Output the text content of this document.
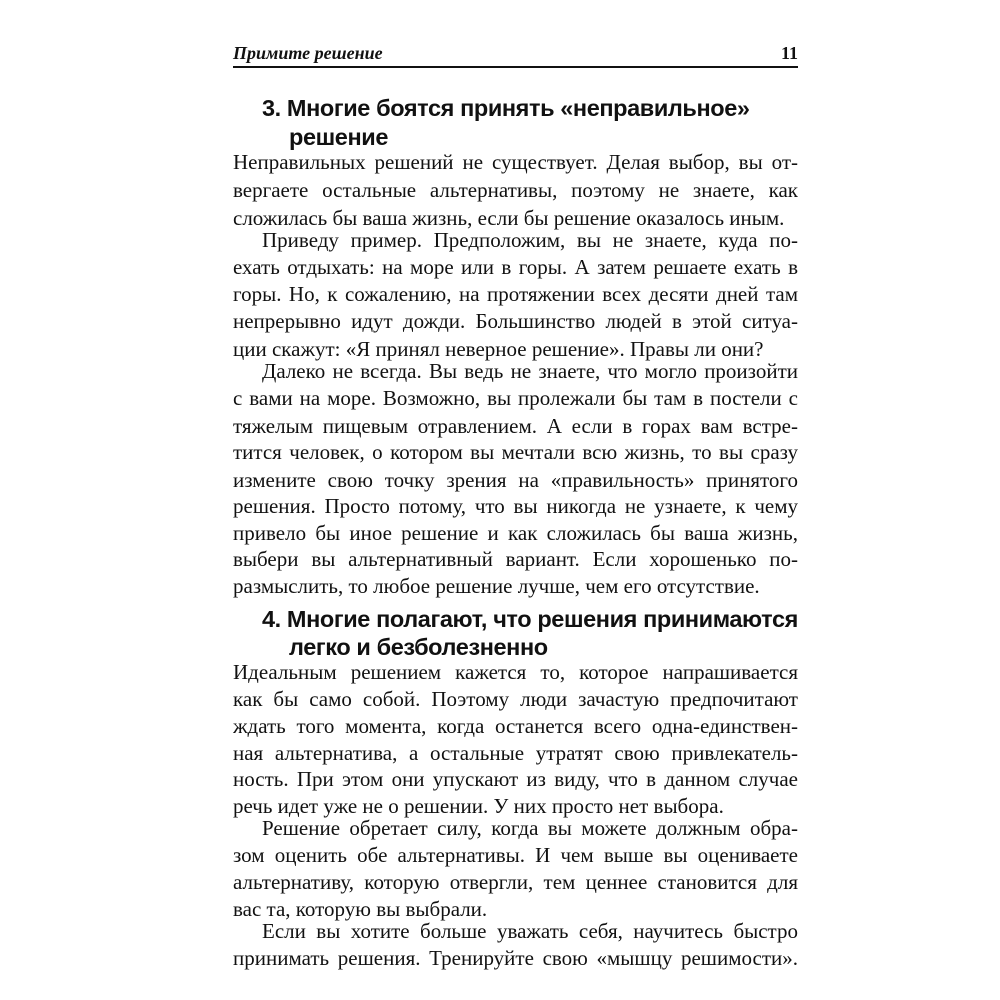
Примите решение	11
3. Многие боятся принять «неправильное»
решение
Неправильных решений не существует. Делая выбор, вы от-
вергаете остальные альтернативы, поэтому не знаете, как
сложилась бы ваша жизнь, если бы решение оказалось иным.
Приведу пример. Предположим, вы не знаете, куда по-
ехать отдыхать: на море или в горы. А затем решаете ехать в
горы. Но, к сожалению, на протяжении всех десяти дней там
непрерывно идут дожди. Большинство людей в этой ситуа-
ции скажут: «Я принял неверное решение». Правы ли они?
Далеко не всегда. Вы ведь не знаете, что могло произойти
с вами на море. Возможно, вы пролежали бы там в постели с
тяжелым пищевым отравлением. А если в горах вам встре-
тится человек, о котором вы мечтали всю жизнь, то вы сразу
измените свою точку зрения на «правильность» принятого
решения. Просто потому, что вы никогда не узнаете, к чему
привело бы иное решение и как сложилась бы ваша жизнь,
выбери вы альтернативный вариант. Если хорошенько по-
размыслить, то любое решение лучше, чем его отсутствие.
4. Многие полагают, что решения принимаются
легко и безболезненно
Идеальным решением кажется то, которое напрашивается
как бы само собой. Поэтому люди зачастую предпочитают
ждать того момента, когда останется всего одна-единствен-
ная альтернатива, а остальные утратят свою привлекатель-
ность. При этом они упускают из виду, что в данном случае
речь идет уже не о решении. У них просто нет выбора.
Решение обретает силу, когда вы можете должным обра-
зом оценить обе альтернативы. И чем выше вы оцениваете
альтернативу, которую отвергли, тем ценнее становится для
вас та, которую вы выбрали.
Если вы хотите больше уважать себя, научитесь быстро
принимать решения. Тренируйте свою «мышцу решимости».
